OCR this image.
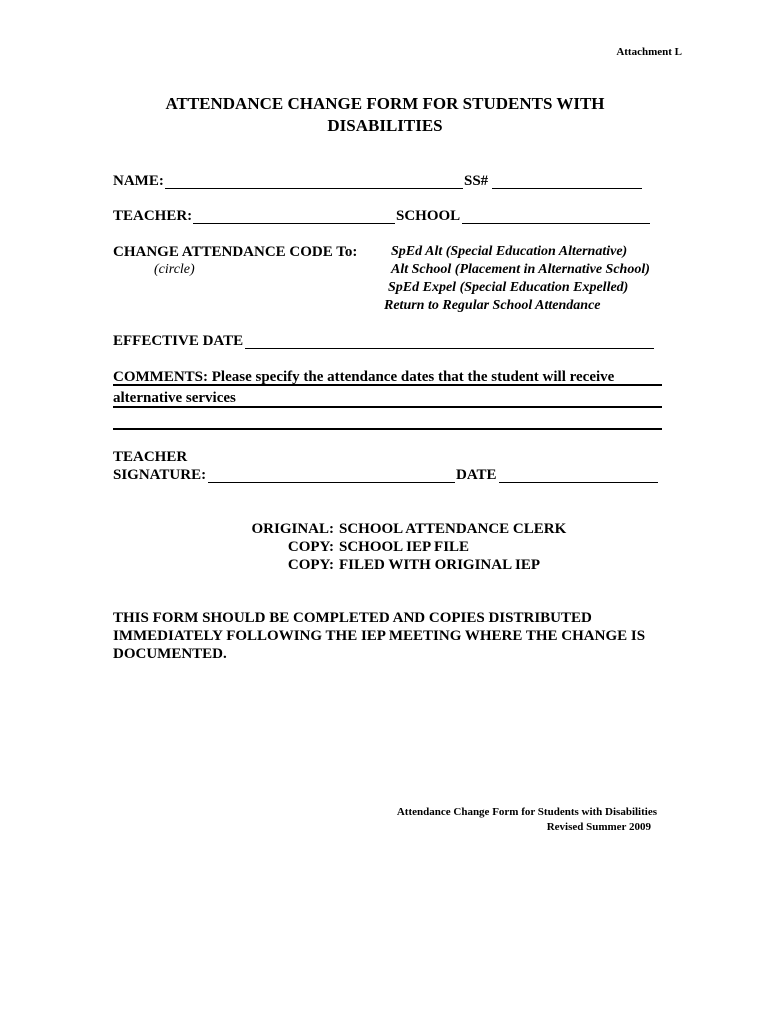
Attachment L
ATTENDANCE CHANGE FORM FOR STUDENTS WITH
DISABILITIES
NAME:	SS#
TEACHER:	SCHOOL
CHANGE ATTENDANCE CODE To:
(circle)
SpEd Alt (Special Education Alternative)
Alt School (Placement in Alternative School)
SpEd Expel (Special Education Expelled)
Return to Regular School Attendance
EFFECTIVE DATE
COMMENTS: Please specify the attendance dates that the student will receive
alternative services
TEACHER
SIGNATURE:	DATE
ORIGINAL: SCHOOL ATTENDANCE CLERK
COPY: SCHOOL IEP FILE
COPY: FILED WITH ORIGINAL IEP
THIS FORM SHOULD BE COMPLETED AND COPIES DISTRIBUTED
IMMEDIATELY FOLLOWING THE IEP MEETING WHERE THE CHANGE IS
DOCUMENTED.
Attendance Change Form for Students with Disabilities
Revised Summer 2009
